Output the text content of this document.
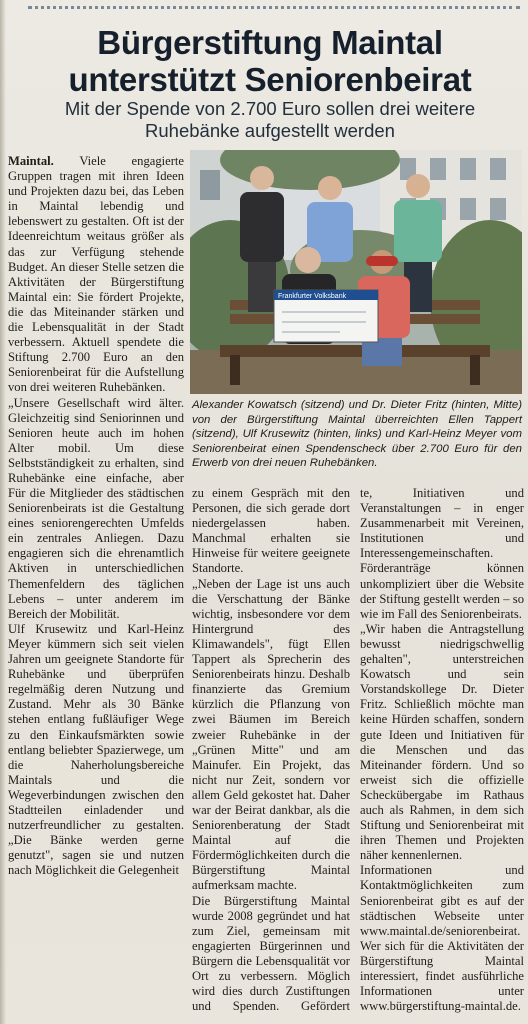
Bürgerstiftung Maintal
unterstützt Seniorenbeirat
Mit der Spende von 2.700 Euro sollen drei weitere
Ruhebänke aufgestellt werden

Maintal. Viele engagierte Gruppen tragen mit ihren Ideen und Projekten dazu bei, das Leben in Maintal lebendig und lebenswert zu gestalten. Oft ist der Ideenreichtum weitaus größer als das zur Verfügung stehende Budget. An dieser Stelle setzen die Aktivitäten der Bürgerstiftung Maintal ein: Sie fördert Projekte, die das Miteinander stärken und die Lebensqualität in der Stadt verbessern. Aktuell spendete die Stiftung 2.700 Euro an den Seniorenbeirat für die Aufstellung von drei weiteren Ruhebänken.

„Unsere Gesellschaft wird älter. Gleichzeitig sind Seniorinnen und Senioren heute auch im hohen Alter mobil. Um diese Selbstständigkeit zu erhalten, sind Ruhebänke eine einfache, aber

Frankfurter Volksbank
Alexander Kowatsch (sitzend) und Dr. Dieter Fritz (hinten, Mitte) von der Bürgerstiftung Maintal überreichten Ellen Tappert (sitzend), Ulf Krusewitz (hinten, links) und Karl-Heinz Meyer vom Seniorenbeirat einen Spendenscheck über 2.700 Euro für den Erwerb von drei neuen Ruhebänken.

Für die Mitglieder des städtischen Seniorenbeirats ist die Gestaltung eines seniorengerechten Umfelds ein zentrales Anliegen. Dazu engagieren sich die ehrenamtlich Aktiven in unterschiedlichen Themenfeldern des täglichen Lebens – unter anderem im Bereich der Mobilität.

Ulf Krusewitz und Karl-Heinz Meyer kümmern sich seit vielen Jahren um geeignete Standorte für Ruhebänke und überprüfen regelmäßig deren Nutzung und Zustand. Mehr als 30 Bänke stehen entlang fußläufiger Wege zu den Einkaufsmärkten sowie entlang beliebter Spazierwege, um die Naherholungsbereiche Maintals und die Wegeverbindungen zwischen den Stadtteilen einladender und nutzerfreundlicher zu gestalten. „Die Bänke werden gerne genutzt", sagen sie und nutzen nach Möglichkeit die Gelegenheit

zu einem Gespräch mit den Personen, die sich gerade dort niedergelassen haben. Manchmal erhalten sie Hinweise für weitere geeignete Standorte.

„Neben der Lage ist uns auch die Verschattung der Bänke wichtig, insbesondere vor dem Hintergrund des Klimawandels", fügt Ellen Tappert als Sprecherin des Seniorenbeirats hinzu. Deshalb finanzierte das Gremium kürzlich die Pflanzung von zwei Bäumen im Bereich zweier Ruhebänke in der „Grünen Mitte" und am Mainufer. Ein Projekt, das nicht nur Zeit, sondern vor allem Geld gekostet hat. Daher war der Beirat dankbar, als die Seniorenberatung der Stadt Maintal auf die Fördermöglichkeiten durch die Bürgerstiftung Maintal aufmerksam machte.

Die Bürgerstiftung Maintal wurde 2008 gegründet und hat zum Ziel, gemeinsam mit engagierten Bürgerinnen und Bürgern die Lebensqualität vor Ort zu verbessern. Möglich wird dies durch Zustiftungen und Spenden. Gefördert

te, Initiativen und Veranstaltungen – in enger Zusammenarbeit mit Vereinen, Institutionen und Interessengemeinschaften. Förderanträge können unkompliziert über die Website der Stiftung gestellt werden – so wie im Fall des Seniorenbeirats.

„Wir haben die Antragstellung bewusst niedrigschwellig gehalten", unterstreichen Kowatsch und sein Vorstandskollege Dr. Dieter Fritz. Schließlich möchte man keine Hürden schaffen, sondern gute Ideen und Initiativen für die Menschen und das Miteinander fördern. Und so erweist sich die offizielle Scheckübergabe im Rathaus auch als Rahmen, in dem sich Stiftung und Seniorenbeirat mit ihren Themen und Projekten näher kennenlernen.

Informationen und Kontaktmöglichkeiten zum Seniorenbeirat gibt es auf der städtischen Webseite unter www.maintal.de/seniorenbeirat. Wer sich für die Aktivitäten der Bürgerstiftung Maintal interessiert, findet ausführliche Informationen unter www.bürgerstiftung-maintal.de.
